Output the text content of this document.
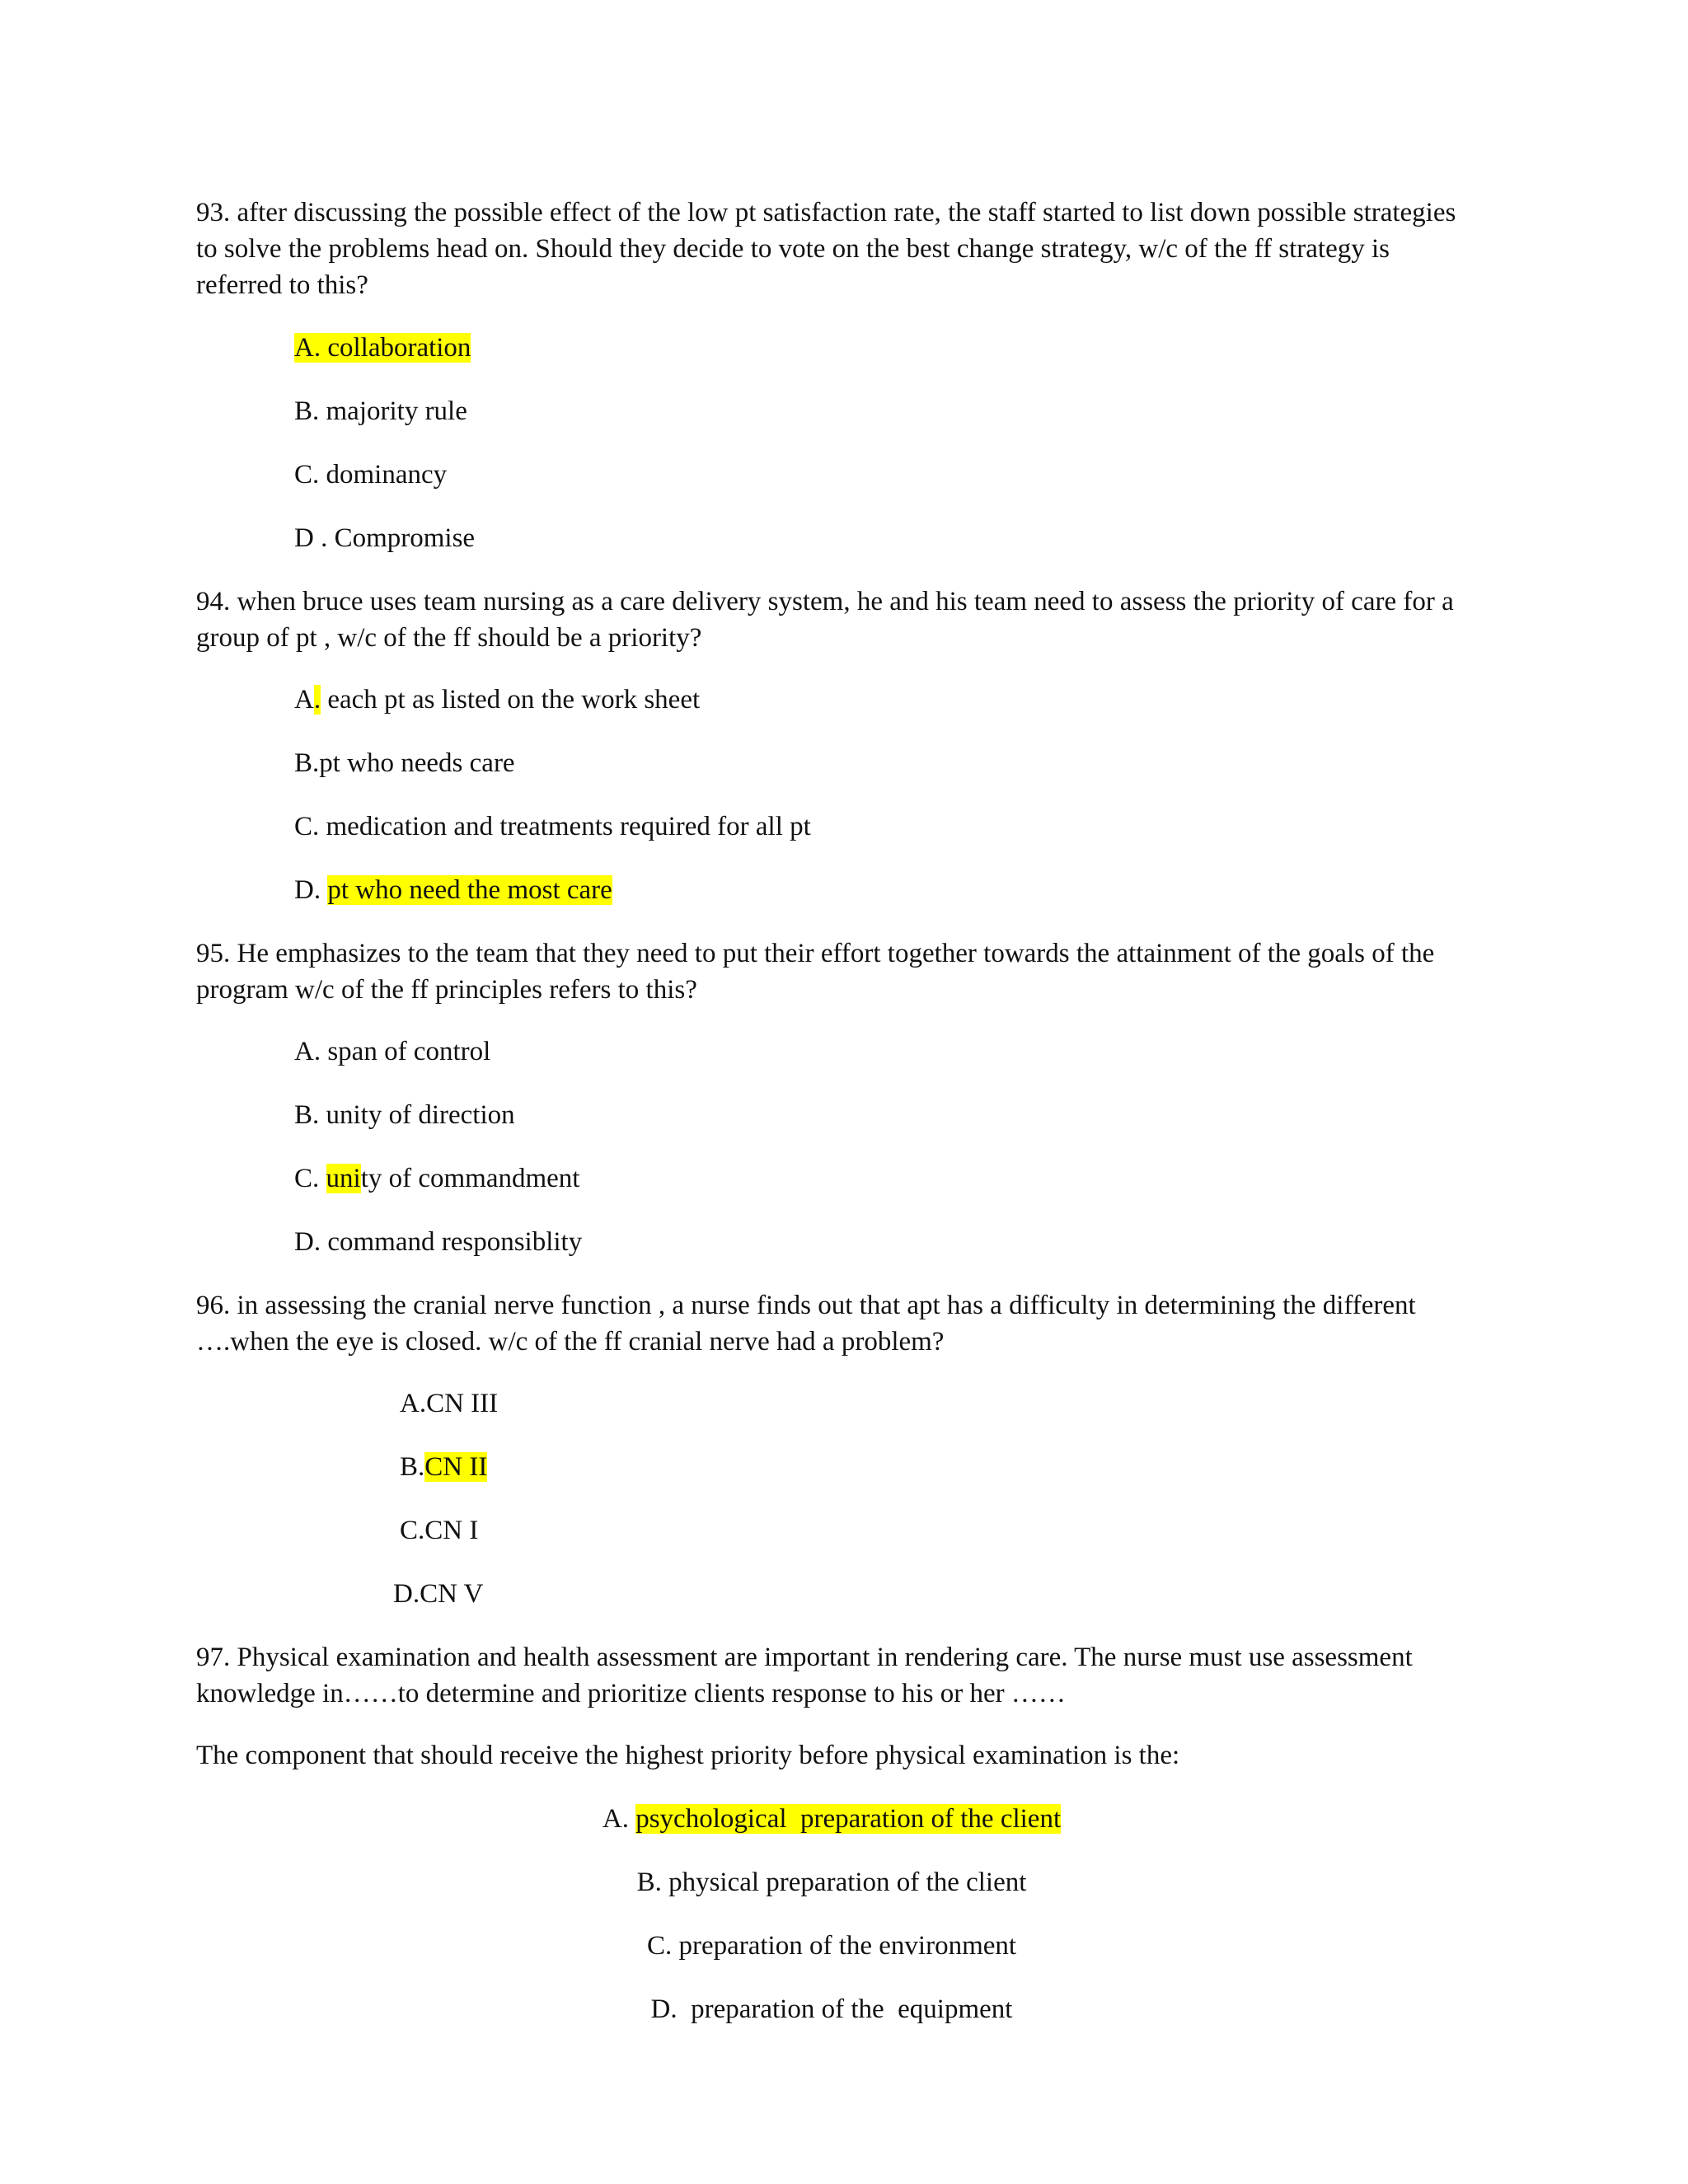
93. after discussing the possible effect of the low pt satisfaction rate, the staff started to list down possible strategies to solve the problems head on. Should they decide to vote on the best change strategy, w/c of the ff strategy is referred to this?

A. collaboration

B. majority rule

C. dominancy

D . Compromise

94. when bruce uses team nursing as a care delivery system, he and his team need to assess the priority of care for a group of pt , w/c of the ff should be a priority?

A. each pt as listed on the work sheet

B.pt who needs care

C. medication and treatments required for all pt

D. pt who need the most care

95. He emphasizes to the team that they need to put their effort together towards the attainment of the goals of the program w/c of the ff principles refers to this?

A. span of control

B. unity of direction

C. unity of commandment

D. command responsiblity

96. in assessing the cranial nerve function , a nurse finds out that apt has a difficulty in determining the different ….when the eye is closed. w/c of the ff cranial nerve had a problem?

A.CN III

B.CN II

C.CN I

D.CN V

97. Physical examination and health assessment are important in rendering care. The nurse must use assessment knowledge in……to determine and prioritize clients response to his or her ……

The component that should receive the highest priority before physical examination is the:

A. psychological  preparation of the client

B. physical preparation of the client

C. preparation of the environment

D.  preparation of the  equipment
